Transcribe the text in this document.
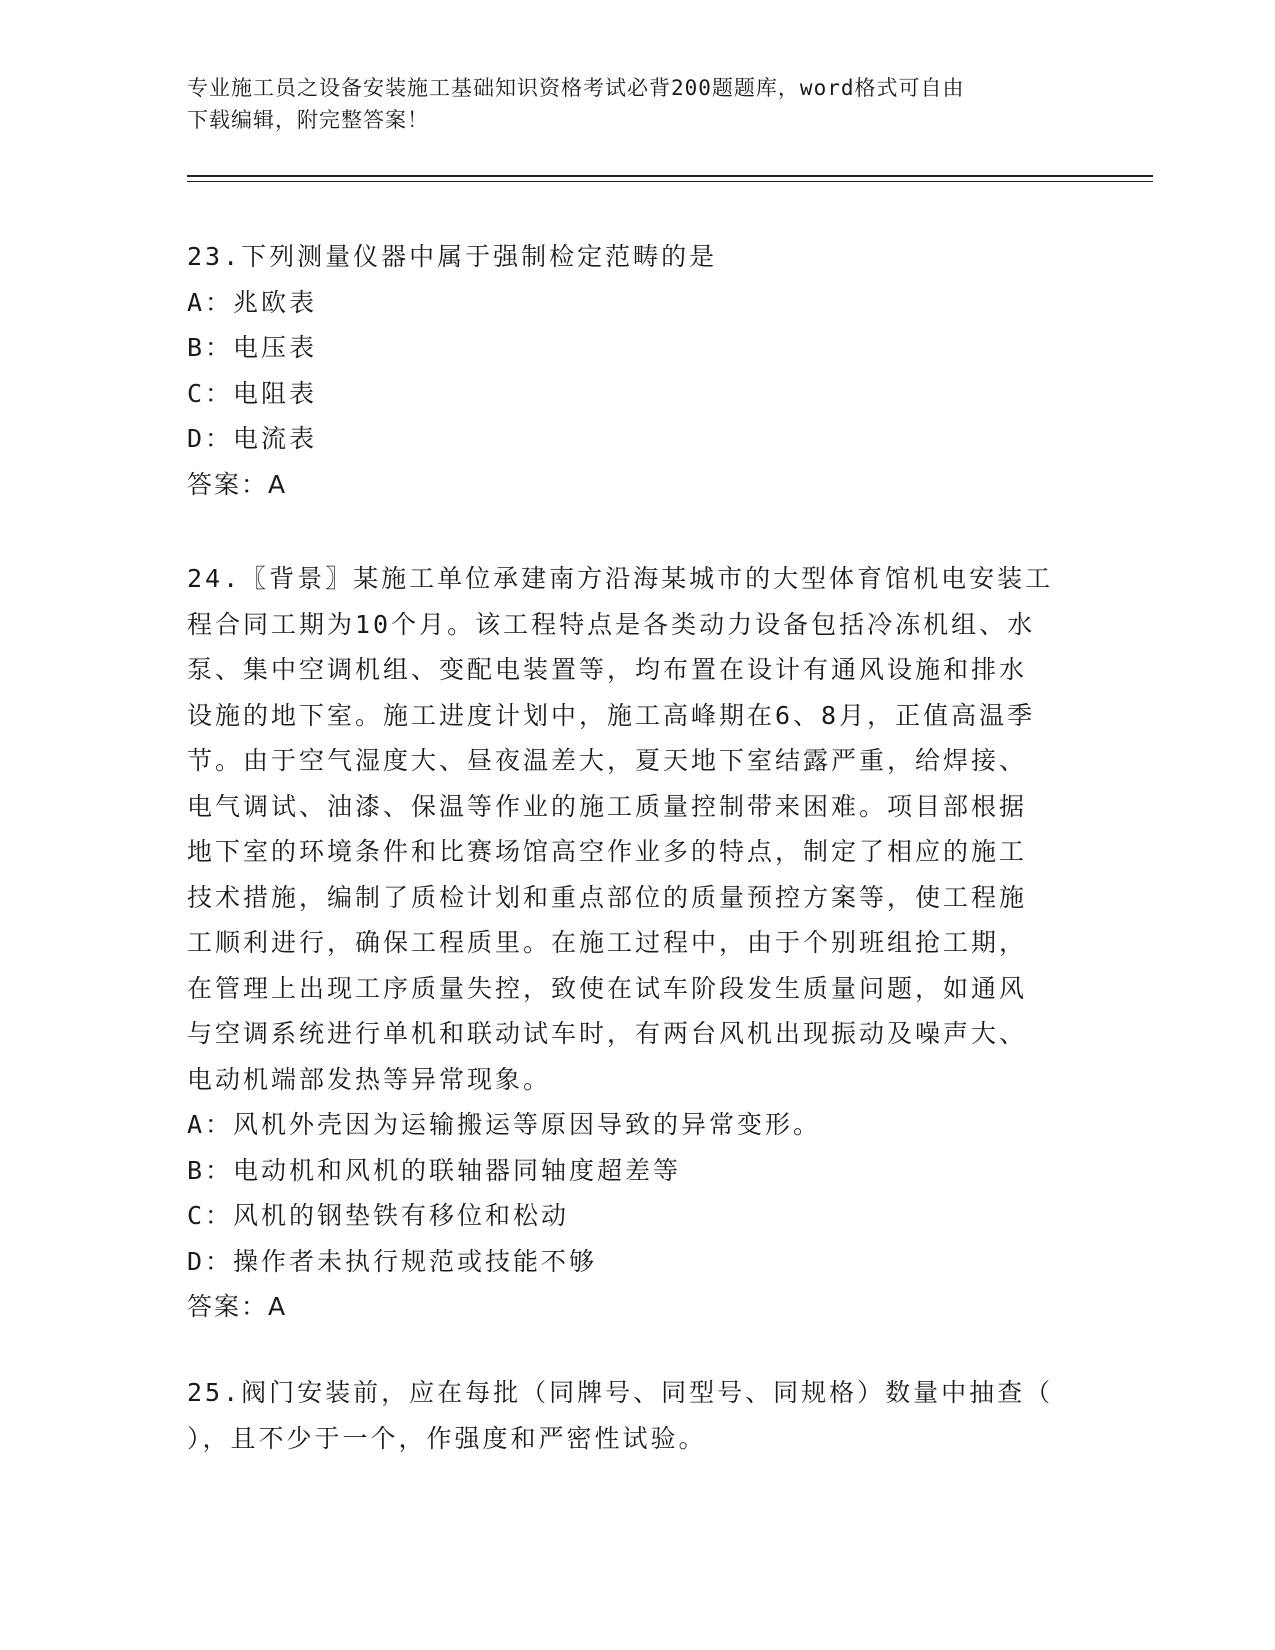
专业施工员之设备安装施工基础知识资格考试必背200题题库，word格式可自由
下载编辑，附完整答案！
23.下列测量仪器中属于强制检定范畴的是
A：兆欧表
B：电压表
C：电阻表
D：电流表
答案：A
24.〖背景〗某施工单位承建南方沿海某城市的大型体育馆机电安装工
程合同工期为10个月。该工程特点是各类动力设备包括冷冻机组、水
泵、集中空调机组、变配电装置等，均布置在设计有通风设施和排水
设施的地下室。施工进度计划中，施工高峰期在6、8月，正值高温季
节。由于空气湿度大、昼夜温差大，夏天地下室结露严重，给焊接、
电气调试、油漆、保温等作业的施工质量控制带来困难。项目部根据
地下室的环境条件和比赛场馆高空作业多的特点，制定了相应的施工
技术措施，编制了质检计划和重点部位的质量预控方案等，使工程施
工顺利进行，确保工程质里。在施工过程中，由于个别班组抢工期，
在管理上出现工序质量失控，致使在试车阶段发生质量问题，如通风
与空调系统进行单机和联动试车时，有两台风机出现振动及噪声大、
电动机端部发热等异常现象。
A：风机外壳因为运输搬运等原因导致的异常变形。
B：电动机和风机的联轴器同轴度超差等
C：风机的钢垫铁有移位和松动
D：操作者未执行规范或技能不够
答案：A
25.阀门安装前，应在每批（同牌号、同型号、同规格）数量中抽查（
），且不少于一个，作强度和严密性试验。
